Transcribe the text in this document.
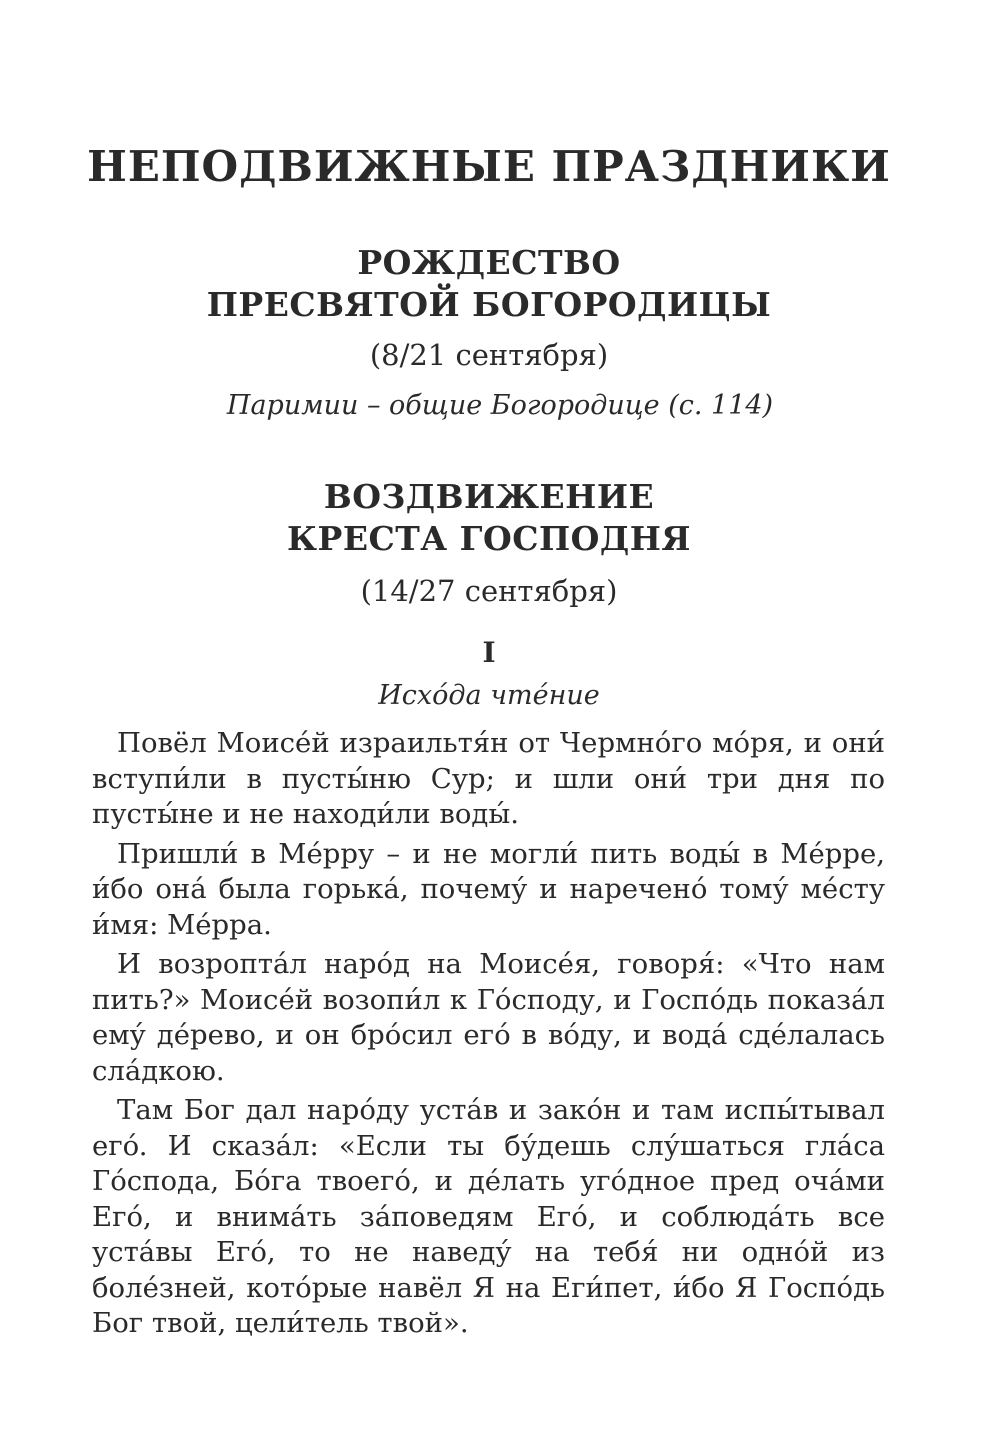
НЕПОДВИЖНЫЕ ПРАЗДНИКИ
РОЖДЕСТВО
ПРЕСВЯТОЙ БОГОРОДИЦЫ

(8/21 сентября)

Паримии – общие Богородице (с. 114)

ВОЗДВИЖЕНИЕ
КРЕСТА ГОСПОДНЯ

(14/27 сентября)

I

Исхóда чтéние

Повёл Моисéй израильтя́н от Чермнóго мóря, и они́ вступи́ли в пусты́ню Сур; и шли они́ три дня по пусты́не и не находи́ли воды́.

Пришли́ в Мéрру – и не могли́ пить воды́ в Мéрре, и́бо онá была горькá, почему́ и нареченó тому́ мéсту и́мя: Мéрра.

И возроптáл нарóд на Моисéя, говоря́: «Что нам пить?» Моисéй возопи́л к Гóсподу, и Госпóдь показáл ему́ дéрево, и он брóсил егó в вóду, и водá сдéлалась слáдкою.

Там Бог дал нарóду устáв и закóн и там испы́тывал егó. И сказáл: «Если ты бу́дешь слу́шаться глáса Гóспода, Бóга твоегó, и дéлать угóдное пред очáми Егó, и внимáть зáповедям Егó, и соблюдáть все устáвы Егó, то не наведу́ на тебя́ ни однóй из болéзней, котóрые навёл Я на Еги́пет, и́бо Я Госпóдь Бог твой, цели́тель твой».
